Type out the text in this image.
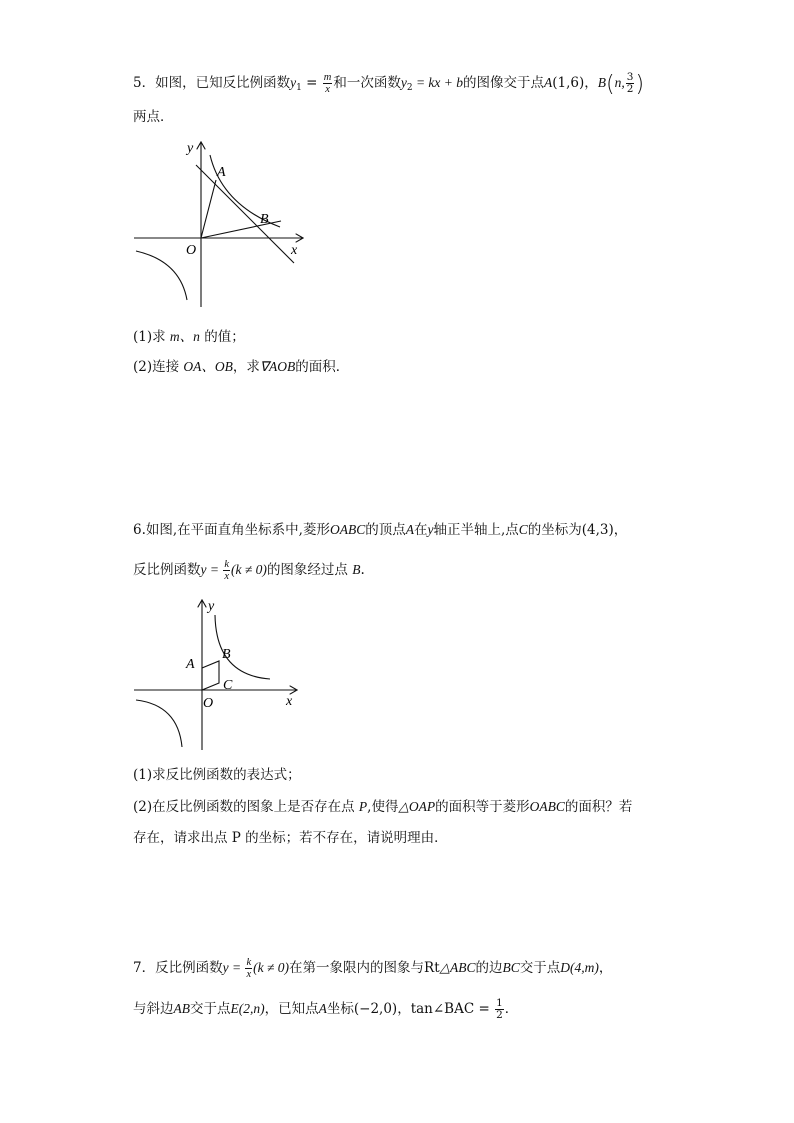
5．如图，已知反比例函数$y_1 = \frac{m}{x}$ 和一次函数$y_2$ = kx + b的图像交于点A(1,6)，B(n, $\frac{3}{2}$ )
两点．
y
x
O
A
B
(1)求 m、n 的值；
(2)连接 OA、OB，求∇AOB的面积．
6.如图,在平面直角坐标系中,菱形OABC的顶点A在y轴正半轴上,点C的坐标为(4,3)，
反比例函数$y = \frac{k}{x} (k \ne 0)$的图象经过点 B.
y
x
O
A
B
C
(1)求反比例函数的表达式；
(2)在反比例函数的图象上是否存在点 P,使得△OAP的面积等于菱形OABC的面积？若
存在，请求出点 P 的坐标；若不存在，请说明理由．
7．反比例函数$y = \frac{k}{x} (k \ne 0)$在第一象限内的图象与Rt△ABC的边BC交于点D(4,m)，
与斜边AB交于点E(2,n)，已知点A坐标(−2,0)，tan∠BAC = $\frac{1}{2}$ ．
